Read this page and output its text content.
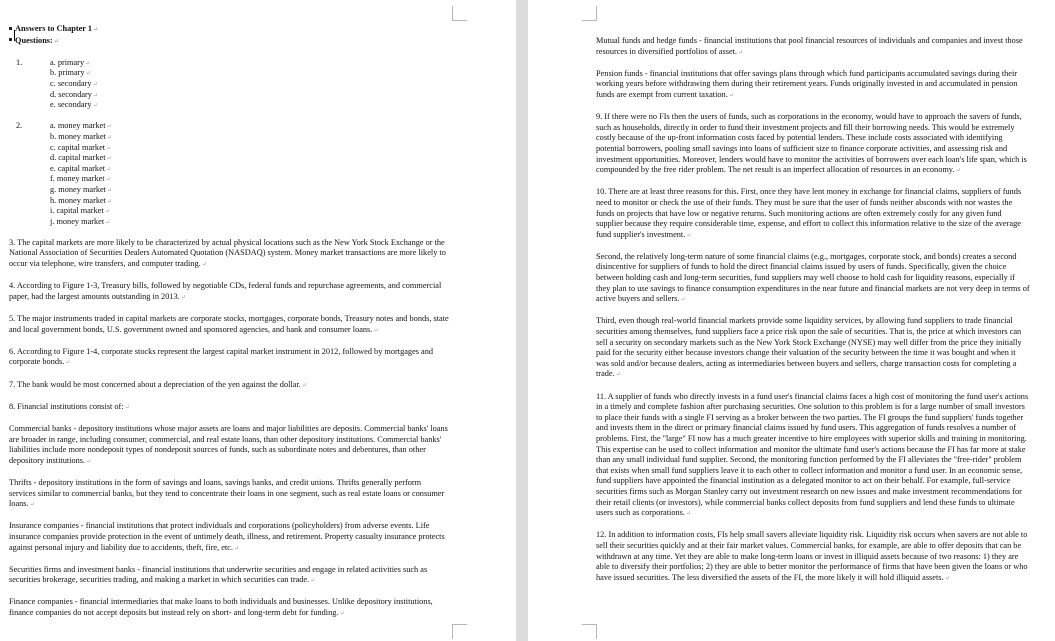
Answers to Chapter 1↵
Questions:↵
1.	a. primary↵
b. primary↵
c. secondary↵
d. secondary↵
e. secondary↵
2.	a. money market↵
b. money market↵
c. capital market↵
d. capital market↵
e. capital market↵
f. money market↵
g. money market↵
h. money market↵
i. capital market↵
j. money market↵

3. The capital markets are more likely to be characterized by actual physical locations such as the New York Stock Exchange or the National Association of Securities Dealers Automated Quotation (NASDAQ) system. Money market transactions are more likely to occur via telephone, wire transfers, and computer trading.↵

4. According to Figure 1-3, Treasury bills, followed by negotiable CDs, federal funds and repurchase agreements, and commercial paper, had the largest amounts outstanding in 2013.↵

5. The major instruments traded in capital markets are corporate stocks, mortgages, corporate bonds, Treasury notes and bonds, state and local government bonds, U.S. government owned and sponsored agencies, and bank and consumer loans.↵

6. According to Figure 1-4, corporate stocks represent the largest capital market instrument in 2012, followed by mortgages and corporate bonds.↵

7. The bank would be most concerned about a depreciation of the yen against the dollar.↵

8. Financial institutions consist of:↵

Commercial banks - depository institutions whose major assets are loans and major liabilities are deposits. Commercial banks' loans are broader in range, including consumer, commercial, and real estate loans, than other depository institutions. Commercial banks' liabilities include more nondeposit types of nondeposit sources of funds, such as subordinate notes and debentures, than other depository institutions.↵

Thrifts - depository institutions in the form of savings and loans, savings banks, and credit unions. Thrifts generally perform services similar to commercial banks, but they tend to concentrate their loans in one segment, such as real estate loans or consumer loans.↵

Insurance companies - financial institutions that protect individuals and corporations (policyholders) from adverse events. Life insurance companies provide protection in the event of untimely death, illness, and retirement. Property casualty insurance protects against personal injury and liability due to accidents, theft, fire, etc.↵

Securities firms and investment banks - financial institutions that underwrite securities and engage in related activities such as securities brokerage, securities trading, and making a market in which securities can trade.↵

Finance companies - financial intermediaries that make loans to both individuals and businesses. Unlike depository institutions, finance companies do not accept deposits but instead rely on short- and long-term debt for funding.↵

Mutual funds and hedge funds - financial institutions that pool financial resources of individuals and companies and invest those resources in diversified portfolios of asset.↵

Pension funds - financial institutions that offer savings plans through which fund participants accumulated savings during their working years before withdrawing them during their retirement years. Funds originally invested in and accumulated in pension funds are exempt from current taxation.↵

9. If there were no FIs then the users of funds, such as corporations in the economy, would have to approach the savers of funds, such as households, directly in order to fund their investment projects and fill their borrowing needs. This would be extremely costly because of the up-front information costs faced by potential lenders. These include costs associated with identifying potential borrowers, pooling small savings into loans of sufficient size to finance corporate activities, and assessing risk and investment opportunities. Moreover, lenders would have to monitor the activities of borrowers over each loan's life span, which is compounded by the free rider problem. The net result is an imperfect allocation of resources in an economy.↵

10. There are at least three reasons for this. First, once they have lent money in exchange for financial claims, suppliers of funds need to monitor or check the use of their funds. They must be sure that the user of funds neither absconds with nor wastes the funds on projects that have low or negative returns. Such monitoring actions are often extremely costly for any given fund supplier because they require considerable time, expense, and effort to collect this information relative to the size of the average fund supplier's investment.↵

Second, the relatively long-term nature of some financial claims (e.g., mortgages, corporate stock, and bonds) creates a second disincentive for suppliers of funds to hold the direct financial claims issued by users of funds. Specifically, given the choice between holding cash and long-term securities, fund suppliers may well choose to hold cash for liquidity reasons, especially if they plan to use savings to finance consumption expenditures in the near future and financial markets are not very deep in terms of active buyers and sellers.↵

Third, even though real-world financial markets provide some liquidity services, by allowing fund suppliers to trade financial securities among themselves, fund suppliers face a price risk upon the sale of securities. That is, the price at which investors can sell a security on secondary markets such as the New York Stock Exchange (NYSE) may well differ from the price they initially paid for the security either because investors change their valuation of the security between the time it was bought and when it was sold and/or because dealers, acting as intermediaries between buyers and sellers, charge transaction costs for completing a trade.↵

11. A supplier of funds who directly invests in a fund user's financial claims faces a high cost of monitoring the fund user's actions in a timely and complete fashion after purchasing securities. One solution to this problem is for a large number of small investors to place their funds with a single FI serving as a broker between the two parties. The FI groups the fund suppliers' funds together and invests them in the direct or primary financial claims issued by fund users. This aggregation of funds resolves a number of problems. First, the "large" FI now has a much greater incentive to hire employees with superior skills and training in monitoring. This expertise can be used to collect information and monitor the ultimate fund user's actions because the FI has far more at stake than any small individual fund supplier. Second, the monitoring function performed by the FI alleviates the "free-rider" problem that exists when small fund suppliers leave it to each other to collect information and monitor a fund user. In an economic sense, fund suppliers have appointed the financial institution as a delegated monitor to act on their behalf. For example, full-service securities firms such as Morgan Stanley carry out investment research on new issues and make investment recommendations for their retail clients (or investors), while commercial banks collect deposits from fund suppliers and lend these funds to ultimate users such as corporations.↵

12. In addition to information costs, FIs help small savers alleviate liquidity risk. Liquidity risk occurs when savers are not able to sell their securities quickly and at their fair market values. Commercial banks, for example, are able to offer deposits that can be withdrawn at any time. Yet they are able to make long-term loans or invest in illiquid assets because of two reasons: 1) they are able to diversify their portfolios; 2) they are able to better monitor the performance of firms that have been given the loans or who have issued securities. The less diversified the assets of the FI, the more likely it will hold illiquid assets.↵
